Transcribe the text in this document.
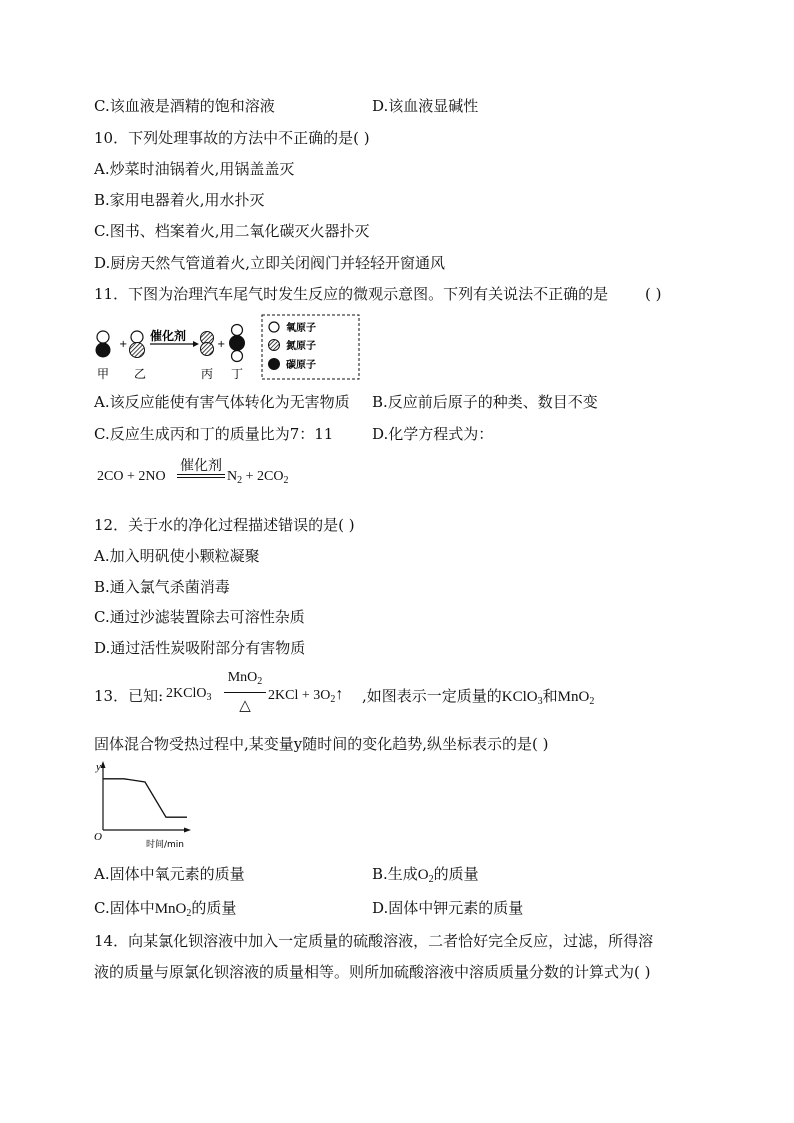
C.该血液是酒精的饱和溶液	D.该血液显碱性
10．下列处理事故的方法中不正确的是( )
A.炒菜时油锅着火,用锅盖盖灭
B.家用电器着火,用水扑灭
C.图书、档案着火,用二氧化碳灭火器扑灭
D.厨房天然气管道着火,立即关闭阀门并轻轻开窗通风
11．下图为治理汽车尾气时发生反应的微观示意图。下列有关说法不正确的是 ( )
+
催化剂
+
甲 乙	丙 丁
氧原子
氮原子
碳原子
A.该反应能使有害气体转化为无害物质 B.反应前后原子的种类、数目不变
C.反应生成丙和丁的质量比为7：11	D.化学方程式为：
2CO + 2NO
催化剂
$N_2 + 2CO_2$
12．关于水的净化过程描述错误的是( )
A.加入明矾使小颗粒凝聚
B.通入氯气杀菌消毒
C.通过沙滤装置除去可溶性杂质
D.通过活性炭吸附部分有害物质
13．已知: 2KClO$_3$
MnO$_2$
△
$2KCl + 3O_2↑$ ,如图表示一定质量的KClO$_3$和MnO$_2$
固体混合物受热过程中,某变量y随时间的变化趋势,纵坐标表示的是( )
y
O
时间/min
A.固体中氧元素的质量	B.生成$O_2$的质量
C.固体中MnO$_2$的质量	D.固体中钾元素的质量
14．向某氯化钡溶液中加入一定质量的硫酸溶液，二者恰好完全反应，过滤，所得溶
液的质量与原氯化钡溶液的质量相等。则所加硫酸溶液中溶质质量分数的计算式为( )
